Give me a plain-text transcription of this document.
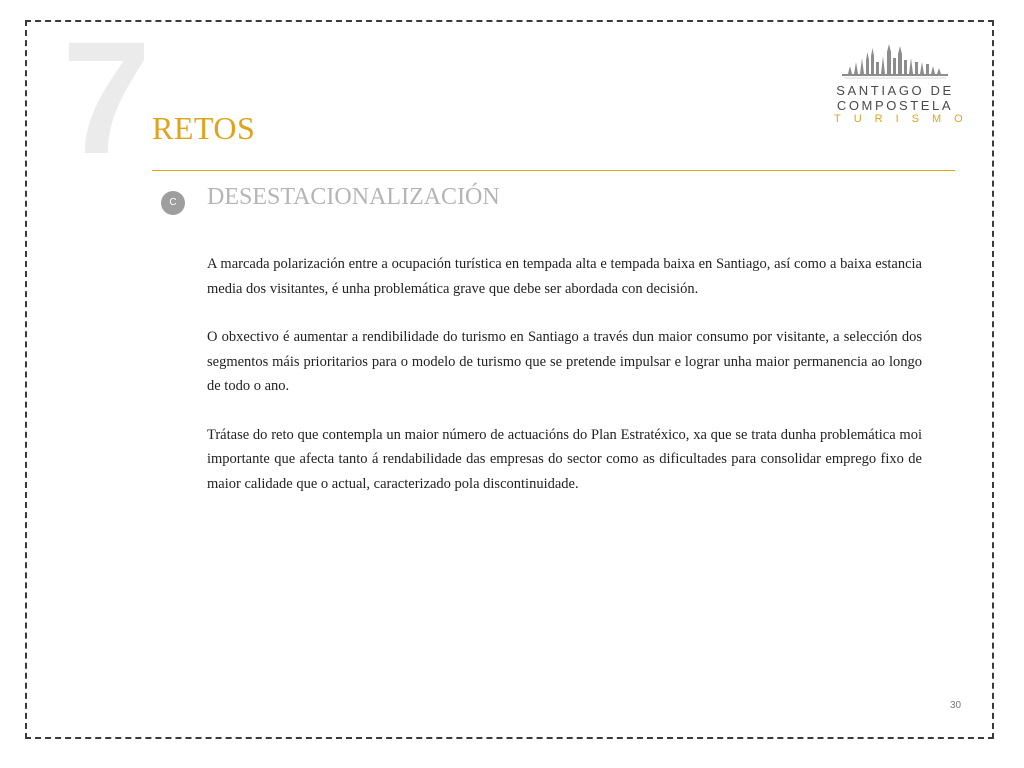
7 RETOS
SANTIAGO DE
COMPOSTELA
TURISMO
C	DESESTACIONALIZACIÓN

A marcada polarización entre a ocupación turística en tempada alta e tempada baixa en Santiago, así como a baixa estancia media dos visitantes, é unha problemática grave que debe ser abordada con decisión.

O obxectivo é aumentar a rendibilidade do turismo en Santiago a través dun maior consumo por visitante, a selección dos segmentos máis prioritarios para o modelo de turismo que se pretende impulsar e lograr unha maior permanencia ao longo de todo o ano.

Trátase do reto que contempla un maior número de actuacións do Plan Estratéxico, xa que se trata dunha problemática moi importante que afecta tanto á rendabilidade das empresas do sector como as dificultades para consolidar emprego fixo de maior calidade que o actual, caracterizado pola discontinuidade.

30
